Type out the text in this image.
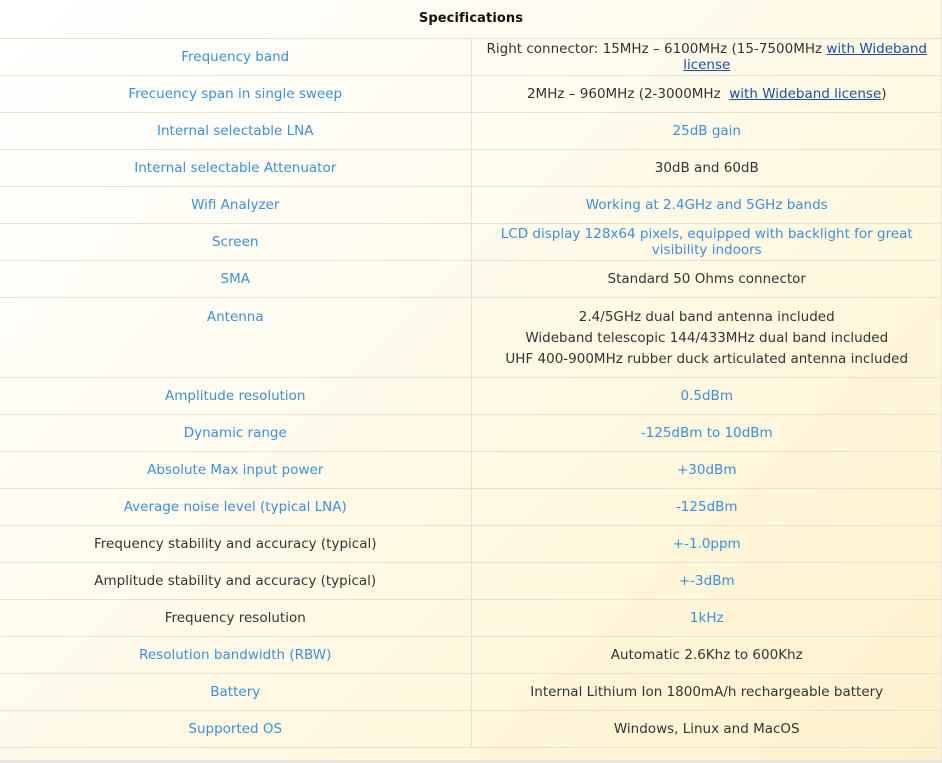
Specifications	
Frequency band	Right connector: 15MHz – 6100MHz (15-7500MHz with Wideband license
Frecuency span in single sweep	2MHz – 960MHz (2-3000MHz  with Wideband license)
Internal selectable LNA	25dB gain
Internal selectable Attenuator	30dB and 60dB
Wifi Analyzer	Working at 2.4GHz and 5GHz bands
Screen	LCD display 128x64 pixels, equipped with backlight for great visibility indoors
SMA	Standard 50 Ohms connector
Antenna	2.4/5GHz dual band antenna included
Wideband telescopic 144/433MHz dual band included
UHF 400-900MHz rubber duck articulated antenna included

Amplitude resolution	0.5dBm
Dynamic range	-125dBm to 10dBm
Absolute Max input power	+30dBm
Average noise level (typical LNA)	-125dBm
Frequency stability and accuracy (typical)	+-1.0ppm
Amplitude stability and accuracy (typical)	+-3dBm
Frequency resolution	1kHz
Resolution bandwidth (RBW)	Automatic 2.6Khz to 600Khz
Battery	Internal Lithium Ion 1800mA/h rechargeable battery
Supported OS	Windows, Linux and MacOS
